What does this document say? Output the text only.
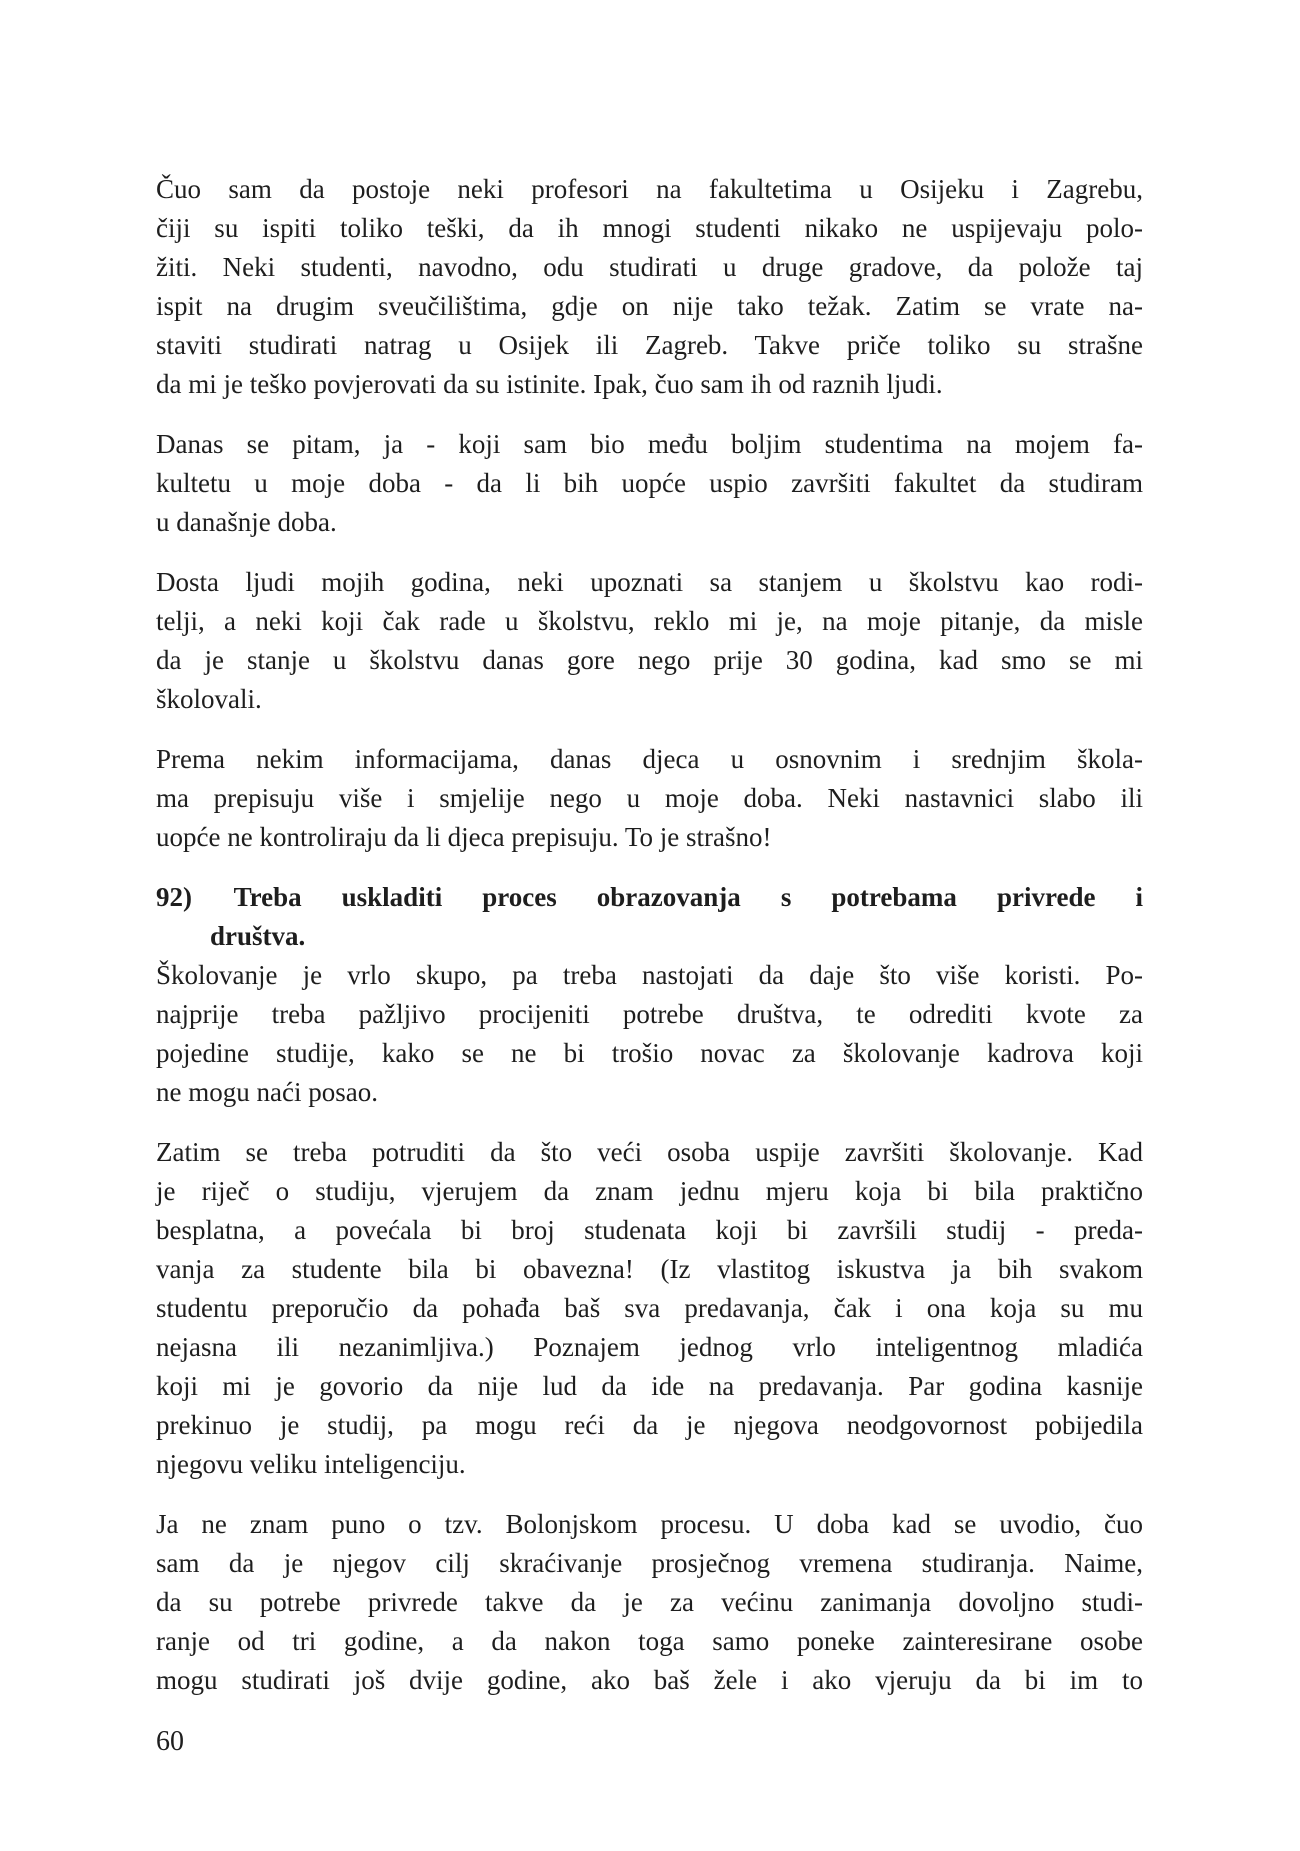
Čuo sam da postoje neki profesori na fakultetima u Osijeku i Zagrebu,
čiji su ispiti toliko teški, da ih mnogi studenti nikako ne uspijevaju polo-
žiti. Neki studenti, navodno, odu studirati u druge gradove, da polože taj
ispit na drugim sveučilištima, gdje on nije tako težak. Zatim se vrate na-
staviti studirati natrag u Osijek ili Zagreb. Takve priče toliko su strašne
da mi je teško povjerovati da su istinite. Ipak, čuo sam ih od raznih ljudi.
Danas se pitam, ja - koji sam bio među boljim studentima na mojem fa-
kultetu u moje doba - da li bih uopće uspio završiti fakultet da studiram
u današnje doba.
Dosta ljudi mojih godina, neki upoznati sa stanjem u školstvu kao rodi-
telji, a neki koji čak rade u školstvu, reklo mi je, na moje pitanje, da misle
da je stanje u školstvu danas gore nego prije 30 godina, kad smo se mi
školovali.
Prema nekim informacijama, danas djeca u osnovnim i srednjim škola-
ma prepisuju više i smjelije nego u moje doba. Neki nastavnici slabo ili
uopće ne kontroliraju da li djeca prepisuju. To je strašno!
92) Treba uskladiti proces obrazovanja s potrebama privrede i
društva.
Školovanje je vrlo skupo, pa treba nastojati da daje što više koristi. Po-
najprije treba pažljivo procijeniti potrebe društva, te odrediti kvote za
pojedine studije, kako se ne bi trošio novac za školovanje kadrova koji
ne mogu naći posao.
Zatim se treba potruditi da što veći osoba uspije završiti školovanje. Kad
je riječ o studiju, vjerujem da znam jednu mjeru koja bi bila praktično
besplatna, a povećala bi broj studenata koji bi završili studij - preda-
vanja za studente bila bi obavezna! (Iz vlastitog iskustva ja bih svakom
studentu preporučio da pohađa baš sva predavanja, čak i ona koja su mu
nejasna ili nezanimljiva.) Poznajem jednog vrlo inteligentnog mladića
koji mi je govorio da nije lud da ide na predavanja. Par godina kasnije
prekinuo je studij, pa mogu reći da je njegova neodgovornost pobijedila
njegovu veliku inteligenciju.
Ja ne znam puno o tzv. Bolonjskom procesu. U doba kad se uvodio, čuo
sam da je njegov cilj skraćivanje prosječnog vremena studiranja. Naime,
da su potrebe privrede takve da je za većinu zanimanja dovoljno studi-
ranje od tri godine, a da nakon toga samo poneke zainteresirane osobe
mogu studirati još dvije godine, ako baš žele i ako vjeruju da bi im to
60
